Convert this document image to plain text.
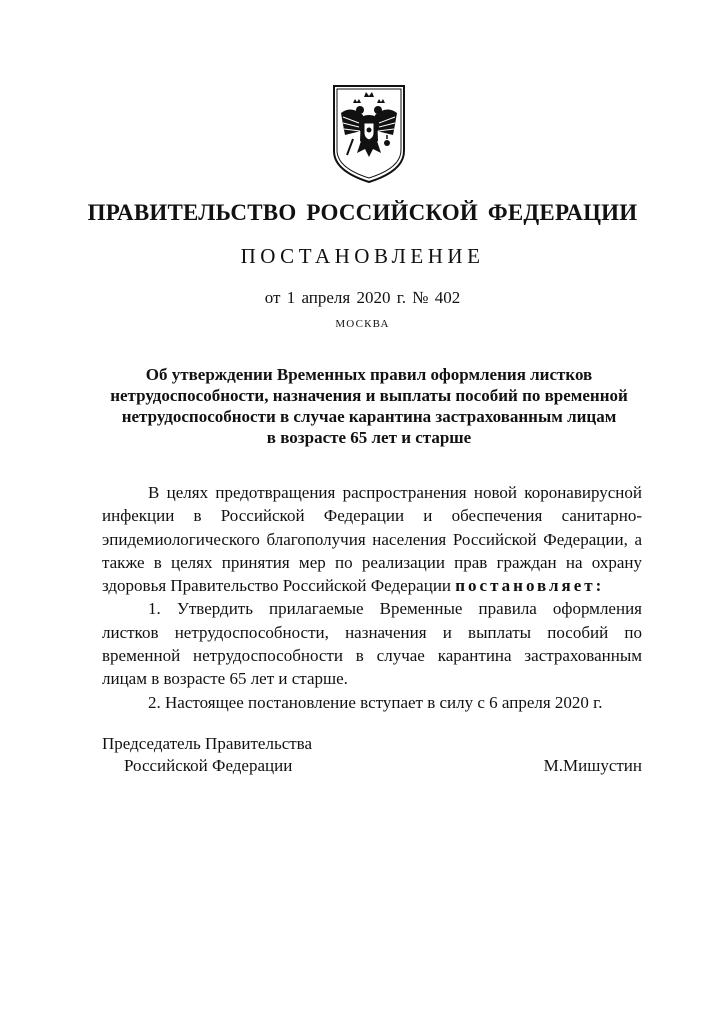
ПРАВИТЕЛЬСТВО РОССИЙСКОЙ ФЕДЕРАЦИИ
ПОСТАНОВЛЕНИЕ
от 1 апреля 2020 г. № 402
МОСКВА
Об утверждении Временных правил оформления листков
нетрудоспособности, назначения и выплаты пособий по временной
нетрудоспособности в случае карантина застрахованным лицам
в возрасте 65 лет и старше

В целях предотвращения распространения новой коронавирусной инфекции в Российской Федерации и обеспечения санитарно-эпидемиологического благополучия населения Российской Федерации, а также в целях принятия мер по реализации прав граждан на охрану здоровья Правительство Российской Федерации постановляет:

1. Утвердить прилагаемые Временные правила оформления листков нетрудоспособности, назначения и выплаты пособий по временной нетрудоспособности в случае карантина застрахованным лицам в возрасте 65 лет и старше.

2. Настоящее постановление вступает в силу с 6 апреля 2020 г.

Председатель Правительства
Российской Федерации	М.Мишустин
